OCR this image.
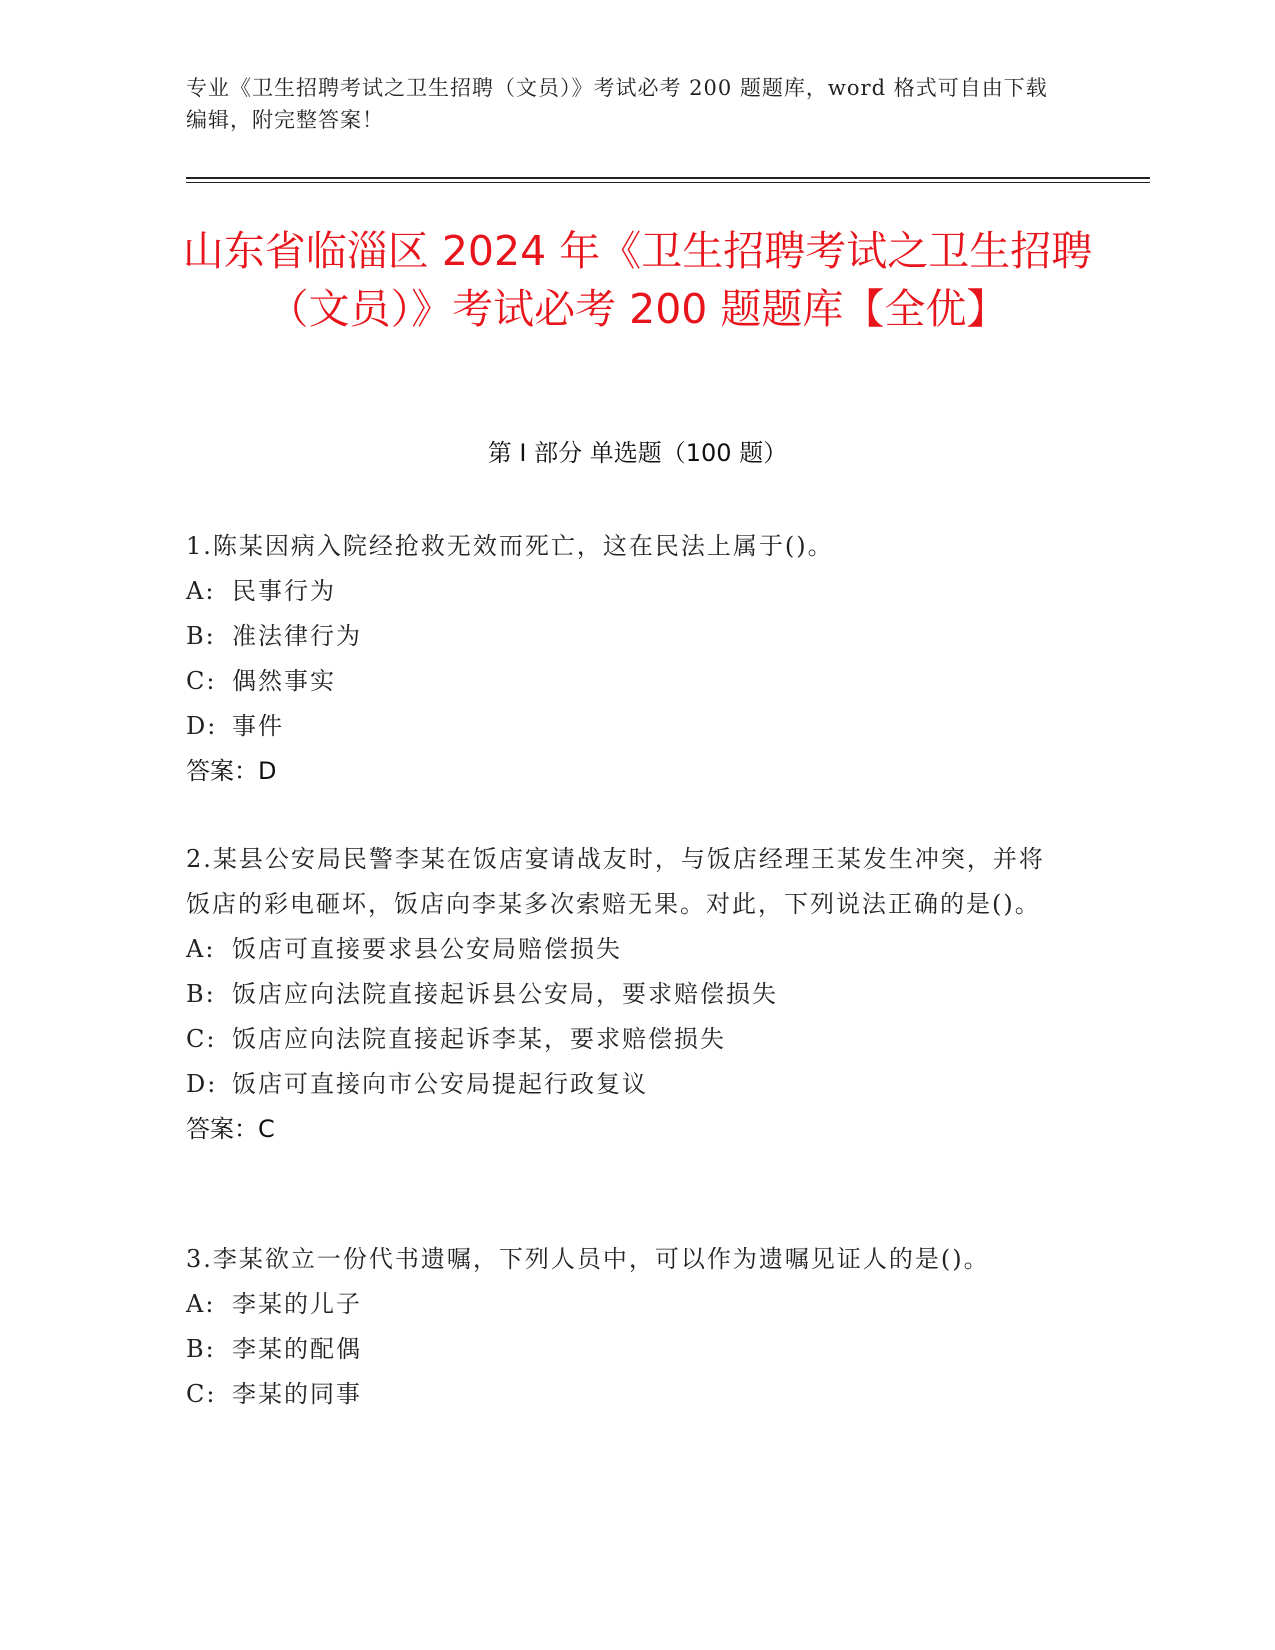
专业《卫生招聘考试之卫生招聘（文员）》考试必考 200 题题库，word 格式可自由下载编辑，附完整答案！
山东省临淄区 2024 年《卫生招聘考试之卫生招聘（文员）》考试必考 200 题题库【全优】
第 I 部分 单选题（100 题）
1.陈某因病入院经抢救无效而死亡，这在民法上属于()。
A: 民事行为
B: 准法律行为
C: 偶然事实
D: 事件
答案：D
2.某县公安局民警李某在饭店宴请战友时，与饭店经理王某发生冲突，并将饭店的彩电砸坏，饭店向李某多次索赔无果。对此，下列说法正确的是()。
A: 饭店可直接要求县公安局赔偿损失
B: 饭店应向法院直接起诉县公安局，要求赔偿损失
C: 饭店应向法院直接起诉李某，要求赔偿损失
D: 饭店可直接向市公安局提起行政复议
答案：C
3.李某欲立一份代书遗嘱，下列人员中，可以作为遗嘱见证人的是()。
A: 李某的儿子
B: 李某的配偶
C: 李某的同事
